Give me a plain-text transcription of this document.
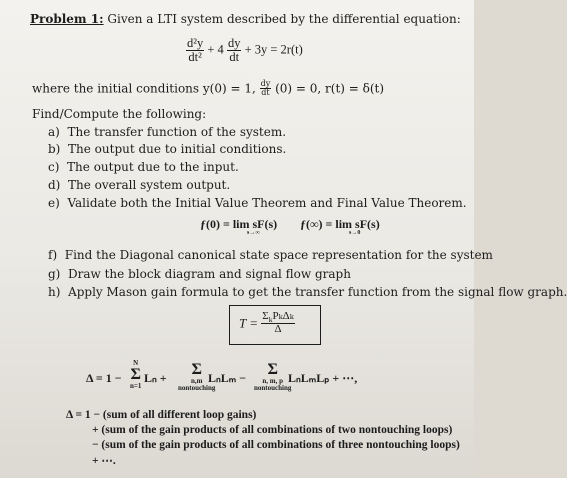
Problem 1: Given a LTI system described by the differential equation:
$\frac{\text{d²y}}{\text{dt²}} + 4 \frac{dy}{dt} + 3y = 2r(t)$
where the initial conditions y(0) = 1, $\frac{dy}{dt} (0) = 0$, r(t) = δ(t)
Find/Compute the following:
a) The transfer function of the system.
b) The output due to initial conditions.
c) The output due to the input.
d) The overall system output.
e) Validate both the Initial Value Theorem and Final Value Theorem.
ƒ(0) = lim sF(s)
s→∞
ƒ(∞) = lim sF(s)
s→0
f) Find the Diagonal canonical state space representation for the system
g) Draw the block diagram and signal flow graph
h) Apply Mason gain formula to get the transfer function from the signal flow graph.
$T = \frac{\Sigma_kP_k\Delta_k}{\Delta}$
Δ = 1 −
N
Σ
n=1
Lₙ + Σ
n,m
nontouching
LₙLₘ − Σ
n, m, p
nontouching
LₙLₘLₚ + ⋯,
Δ = 1 − (sum of all different loop gains)
+ (sum of the gain products of all combinations of two nontouching loops)
− (sum of the gain products of all combinations of three nontouching loops)
+ ⋯.
